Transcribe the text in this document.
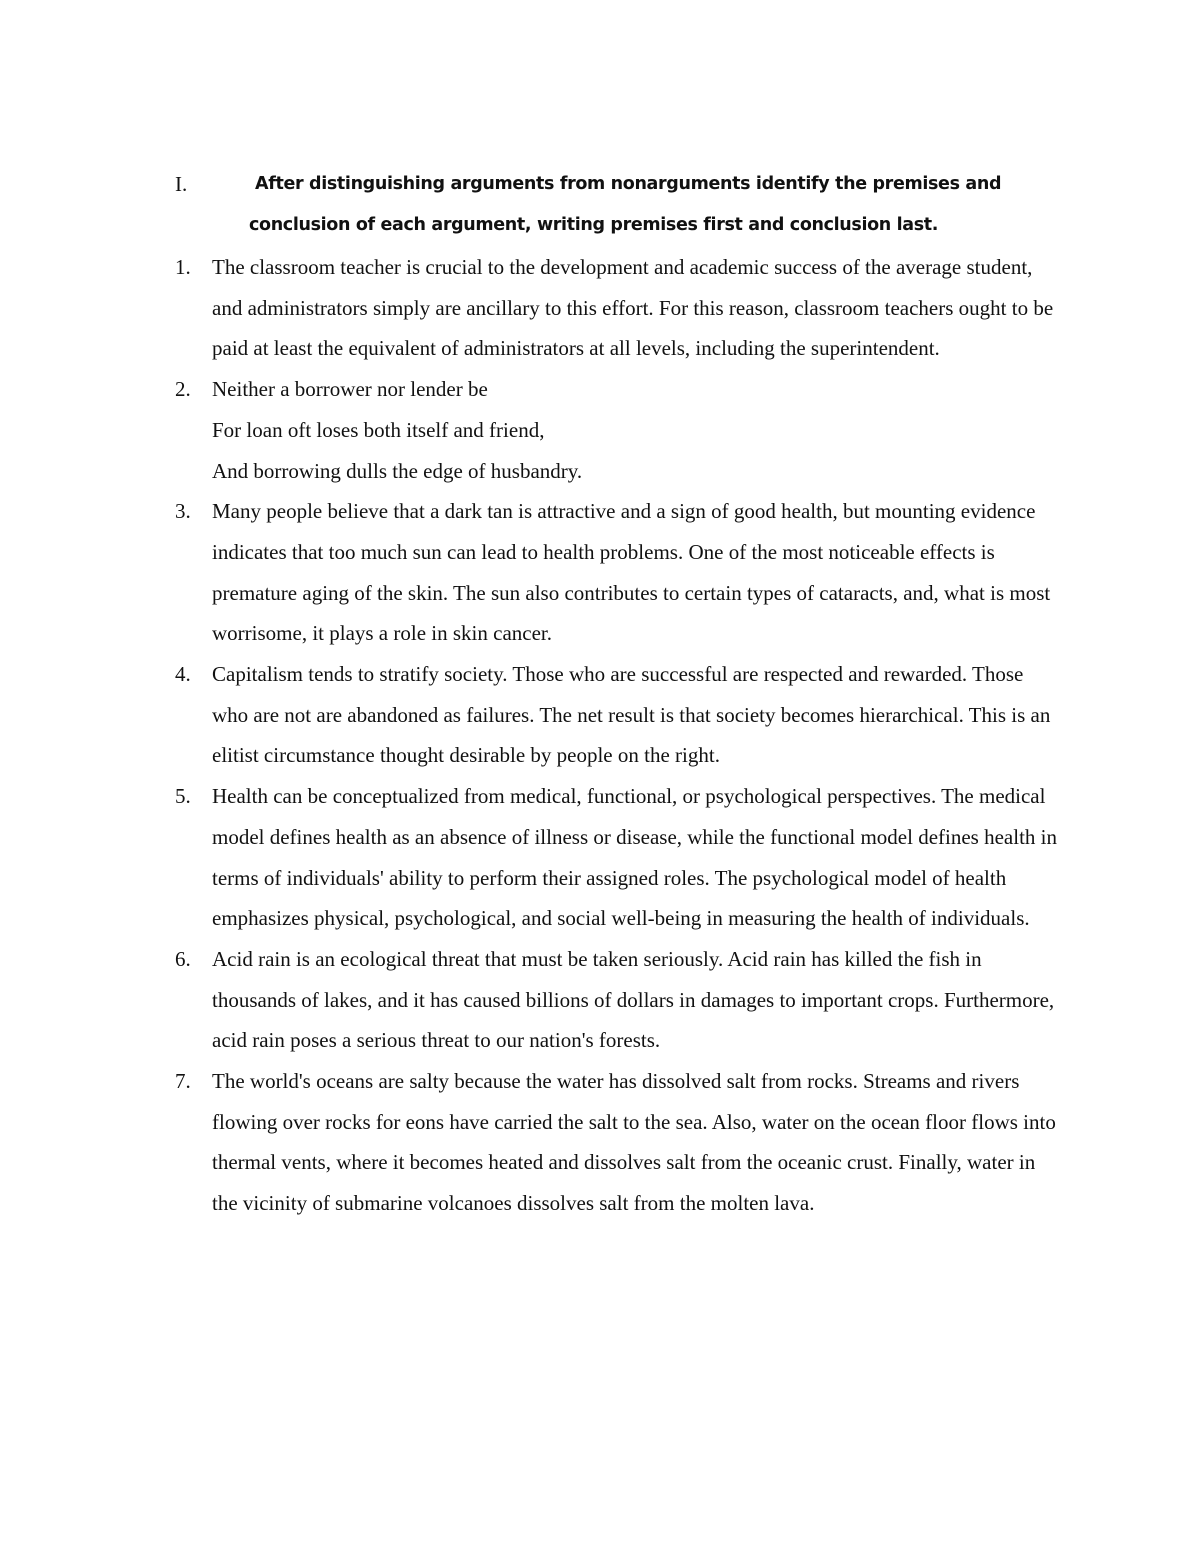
I.	After distinguishing arguments from nonarguments identify the premises and conclusion of each argument, writing premises first and conclusion last.
1. The classroom teacher is crucial to the development and academic success of the average student, and administrators simply are ancillary to this effort. For this reason, classroom teachers ought to be paid at least the equivalent of administrators at all levels, including the superintendent.
2. Neither a borrower nor lender be
For loan oft loses both itself and friend,
And borrowing dulls the edge of husbandry.
3. Many people believe that a dark tan is attractive and a sign of good health, but mounting evidence indicates that too much sun can lead to health problems. One of the most noticeable effects is premature aging of the skin. The sun also contributes to certain types of cataracts, and, what is most worrisome, it plays a role in skin cancer.
4. Capitalism tends to stratify society. Those who are successful are respected and rewarded. Those who are not are abandoned as failures. The net result is that society becomes hierarchical. This is an elitist circumstance thought desirable by people on the right.
5. Health can be conceptualized from medical, functional, or psychological perspectives. The medical model defines health as an absence of illness or disease, while the functional model defines health in terms of individuals' ability to perform their assigned roles. The psychological model of health emphasizes physical, psychological, and social well-being in measuring the health of individuals.
6. Acid rain is an ecological threat that must be taken seriously. Acid rain has killed the fish in thousands of lakes, and it has caused billions of dollars in damages to important crops. Furthermore, acid rain poses a serious threat to our nation's forests.
7. The world's oceans are salty because the water has dissolved salt from rocks. Streams and rivers flowing over rocks for eons have carried the salt to the sea. Also, water on the ocean floor flows into thermal vents, where it becomes heated and dissolves salt from the oceanic crust. Finally, water in the vicinity of submarine volcanoes dissolves salt from the molten lava.
